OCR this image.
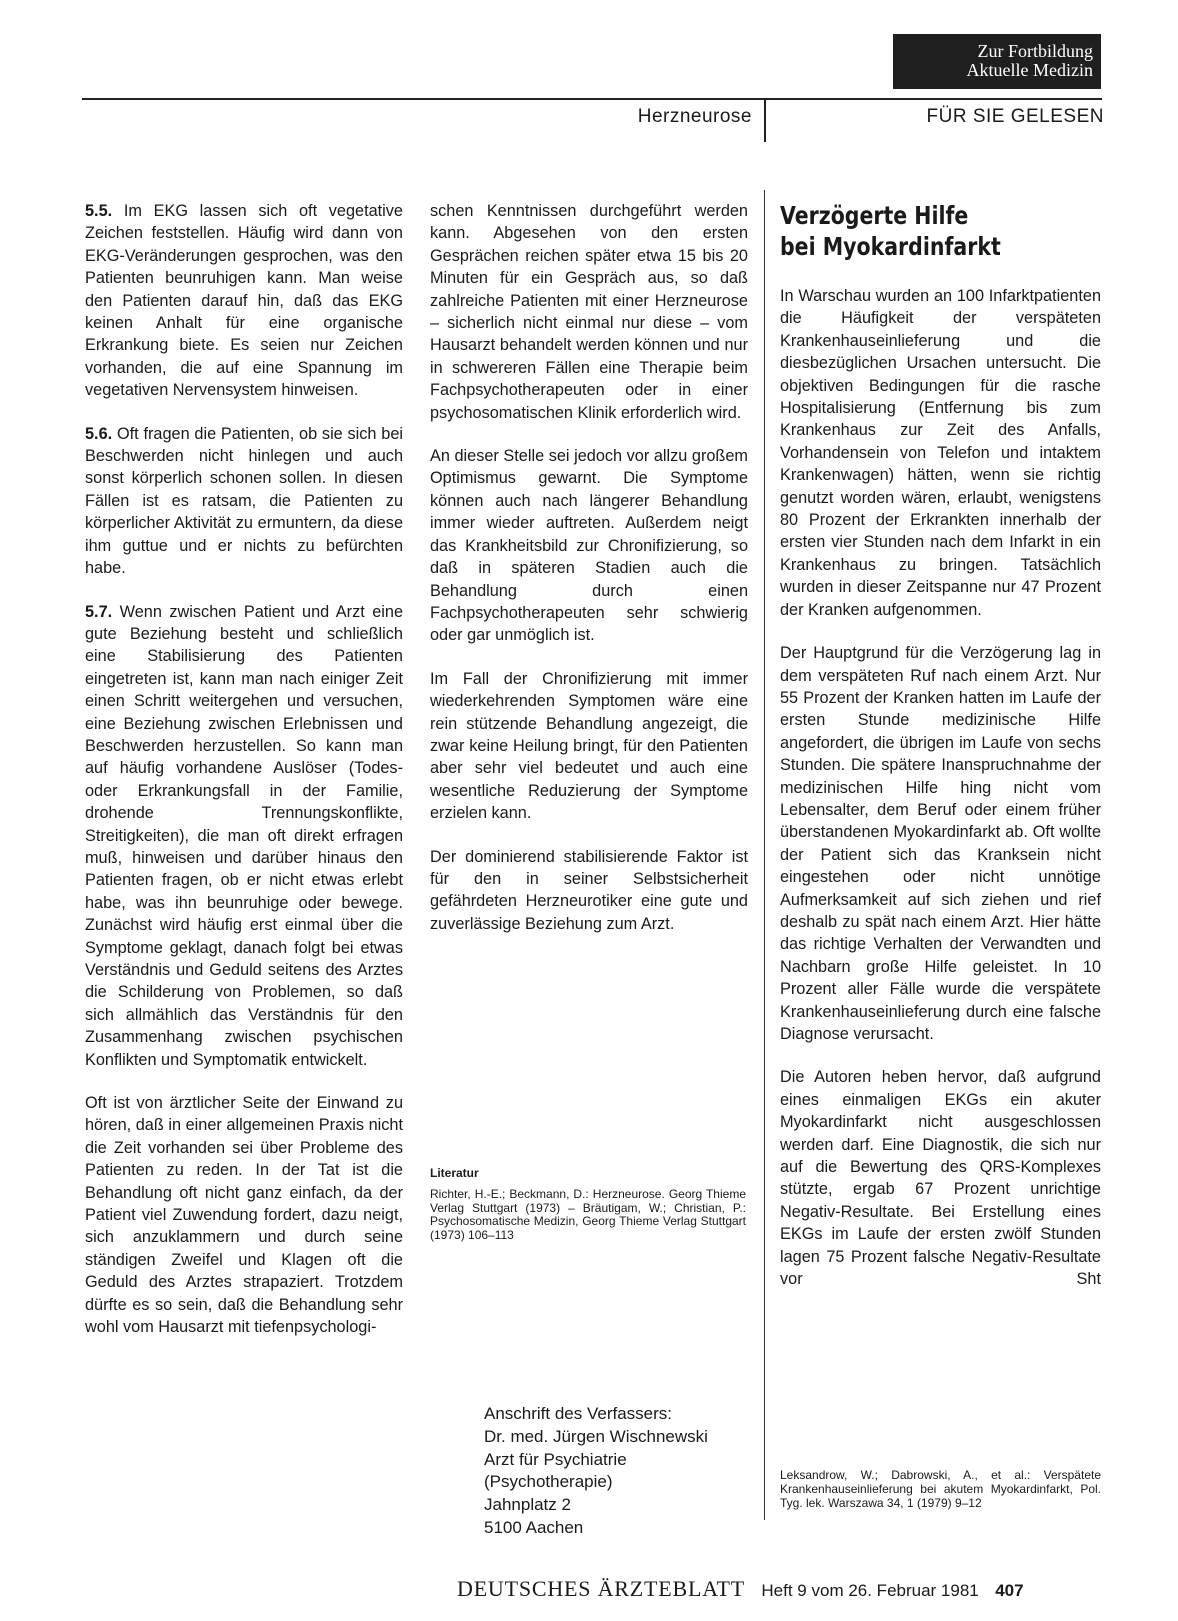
Zur Fortbildung
Aktuelle Medizin
Herzneurose	FÜR SIE GELESEN

5.5. Im EKG lassen sich oft vegetative Zeichen feststellen. Häufig wird dann von EKG-Veränderungen gesprochen, was den Patienten beunruhigen kann. Man weise den Patienten darauf hin, daß das EKG keinen Anhalt für eine organische Erkrankung biete. Es seien nur Zeichen vorhanden, die auf eine Spannung im vegetativen Nervensystem hinweisen.

5.6. Oft fragen die Patienten, ob sie sich bei Beschwerden nicht hinlegen und auch sonst körperlich schonen sollen. In diesen Fällen ist es ratsam, die Patienten zu körperlicher Aktivität zu ermuntern, da diese ihm guttue und er nichts zu befürchten habe.

5.7. Wenn zwischen Patient und Arzt eine gute Beziehung besteht und schließlich eine Stabilisierung des Patienten eingetreten ist, kann man nach einiger Zeit einen Schritt weitergehen und versuchen, eine Beziehung zwischen Erlebnissen und Beschwerden herzustellen. So kann man auf häufig vorhandene Auslöser (Todes- oder Erkrankungsfall in der Familie, drohende Trennungskonflikte, Streitigkeiten), die man oft direkt erfragen muß, hinweisen und darüber hinaus den Patienten fragen, ob er nicht etwas erlebt habe, was ihn beunruhige oder bewege. Zunächst wird häufig erst einmal über die Symptome geklagt, danach folgt bei etwas Verständnis und Geduld seitens des Arztes die Schilderung von Problemen, so daß sich allmählich das Verständnis für den Zusammenhang zwischen psychischen Konflikten und Symptomatik entwickelt.

Oft ist von ärztlicher Seite der Einwand zu hören, daß in einer allgemeinen Praxis nicht die Zeit vorhanden sei über Probleme des Patienten zu reden. In der Tat ist die Behandlung oft nicht ganz einfach, da der Patient viel Zuwendung fordert, dazu neigt, sich anzuklammern und durch seine ständigen Zweifel und Klagen oft die Geduld des Arztes strapaziert. Trotzdem dürfte es so sein, daß die Behandlung sehr wohl vom Hausarzt mit tiefenpsychologi-

schen Kenntnissen durchgeführt werden kann. Abgesehen von den ersten Gesprächen reichen später etwa 15 bis 20 Minuten für ein Gespräch aus, so daß zahlreiche Patienten mit einer Herzneurose – sicherlich nicht einmal nur diese – vom Hausarzt behandelt werden können und nur in schwereren Fällen eine Therapie beim Fachpsychotherapeuten oder in einer psychosomatischen Klinik erforderlich wird.

An dieser Stelle sei jedoch vor allzu großem Optimismus gewarnt. Die Symptome können auch nach längerer Behandlung immer wieder auftreten. Außerdem neigt das Krankheitsbild zur Chronifizierung, so daß in späteren Stadien auch die Behandlung durch einen Fachpsychotherapeuten sehr schwierig oder gar unmöglich ist.

Im Fall der Chronifizierung mit immer wiederkehrenden Symptomen wäre eine rein stützende Behandlung angezeigt, die zwar keine Heilung bringt, für den Patienten aber sehr viel bedeutet und auch eine wesentliche Reduzierung der Symptome erzielen kann.

Der dominierend stabilisierende Faktor ist für den in seiner Selbstsicherheit gefährdeten Herzneurotiker eine gute und zuverlässige Beziehung zum Arzt.

Literatur
Richter, H.-E.; Beckmann, D.: Herzneurose. Georg Thieme Verlag Stuttgart (1973) – Bräutigam, W.; Christian, P.: Psychosomatische Medizin, Georg Thieme Verlag Stuttgart (1973) 106–113
Anschrift des Verfassers:
Dr. med. Jürgen Wischnewski
Arzt für Psychiatrie
(Psychotherapie)
Jahnplatz 2
5100 Aachen
Verzögerte Hilfe
bei Myokardinfarkt

In Warschau wurden an 100 Infarktpatienten die Häufigkeit der verspäteten Krankenhauseinlieferung und die diesbezüglichen Ursachen untersucht. Die objektiven Bedingungen für die rasche Hospitalisierung (Entfernung bis zum Krankenhaus zur Zeit des Anfalls, Vorhandensein von Telefon und intaktem Krankenwagen) hätten, wenn sie richtig genutzt worden wären, erlaubt, wenigstens 80 Prozent der Erkrankten innerhalb der ersten vier Stunden nach dem Infarkt in ein Krankenhaus zu bringen. Tatsächlich wurden in dieser Zeitspanne nur 47 Prozent der Kranken aufgenommen.

Der Hauptgrund für die Verzögerung lag in dem verspäteten Ruf nach einem Arzt. Nur 55 Prozent der Kranken hatten im Laufe der ersten Stunde medizinische Hilfe angefordert, die übrigen im Laufe von sechs Stunden. Die spätere Inanspruchnahme der medizinischen Hilfe hing nicht vom Lebensalter, dem Beruf oder einem früher überstandenen Myokardinfarkt ab. Oft wollte der Patient sich das Kranksein nicht eingestehen oder nicht unnötige Aufmerksamkeit auf sich ziehen und rief deshalb zu spät nach einem Arzt. Hier hätte das richtige Verhalten der Verwandten und Nachbarn große Hilfe geleistet. In 10 Prozent aller Fälle wurde die verspätete Krankenhauseinlieferung durch eine falsche Diagnose verursacht.

Die Autoren heben hervor, daß aufgrund eines einmaligen EKGs ein akuter Myokardinfarkt nicht ausgeschlossen werden darf. Eine Diagnostik, die sich nur auf die Bewertung des QRS-Komplexes stützte, ergab 67 Prozent unrichtige Negativ-Resultate. Bei Erstellung eines EKGs im Laufe der ersten zwölf Stunden lagen 75 Prozent falsche Negativ-Resultate vor	Sht

Leksandrow, W.; Dabrowski, A., et al.: Verspätete Krankenhauseinlieferung bei akutem Myokardinfarkt, Pol. Tyg. lek. Warszawa 34, 1 (1979) 9–12
DEUTSCHES ÄRZTEBLATT Heft 9 vom 26. Februar 1981 407
